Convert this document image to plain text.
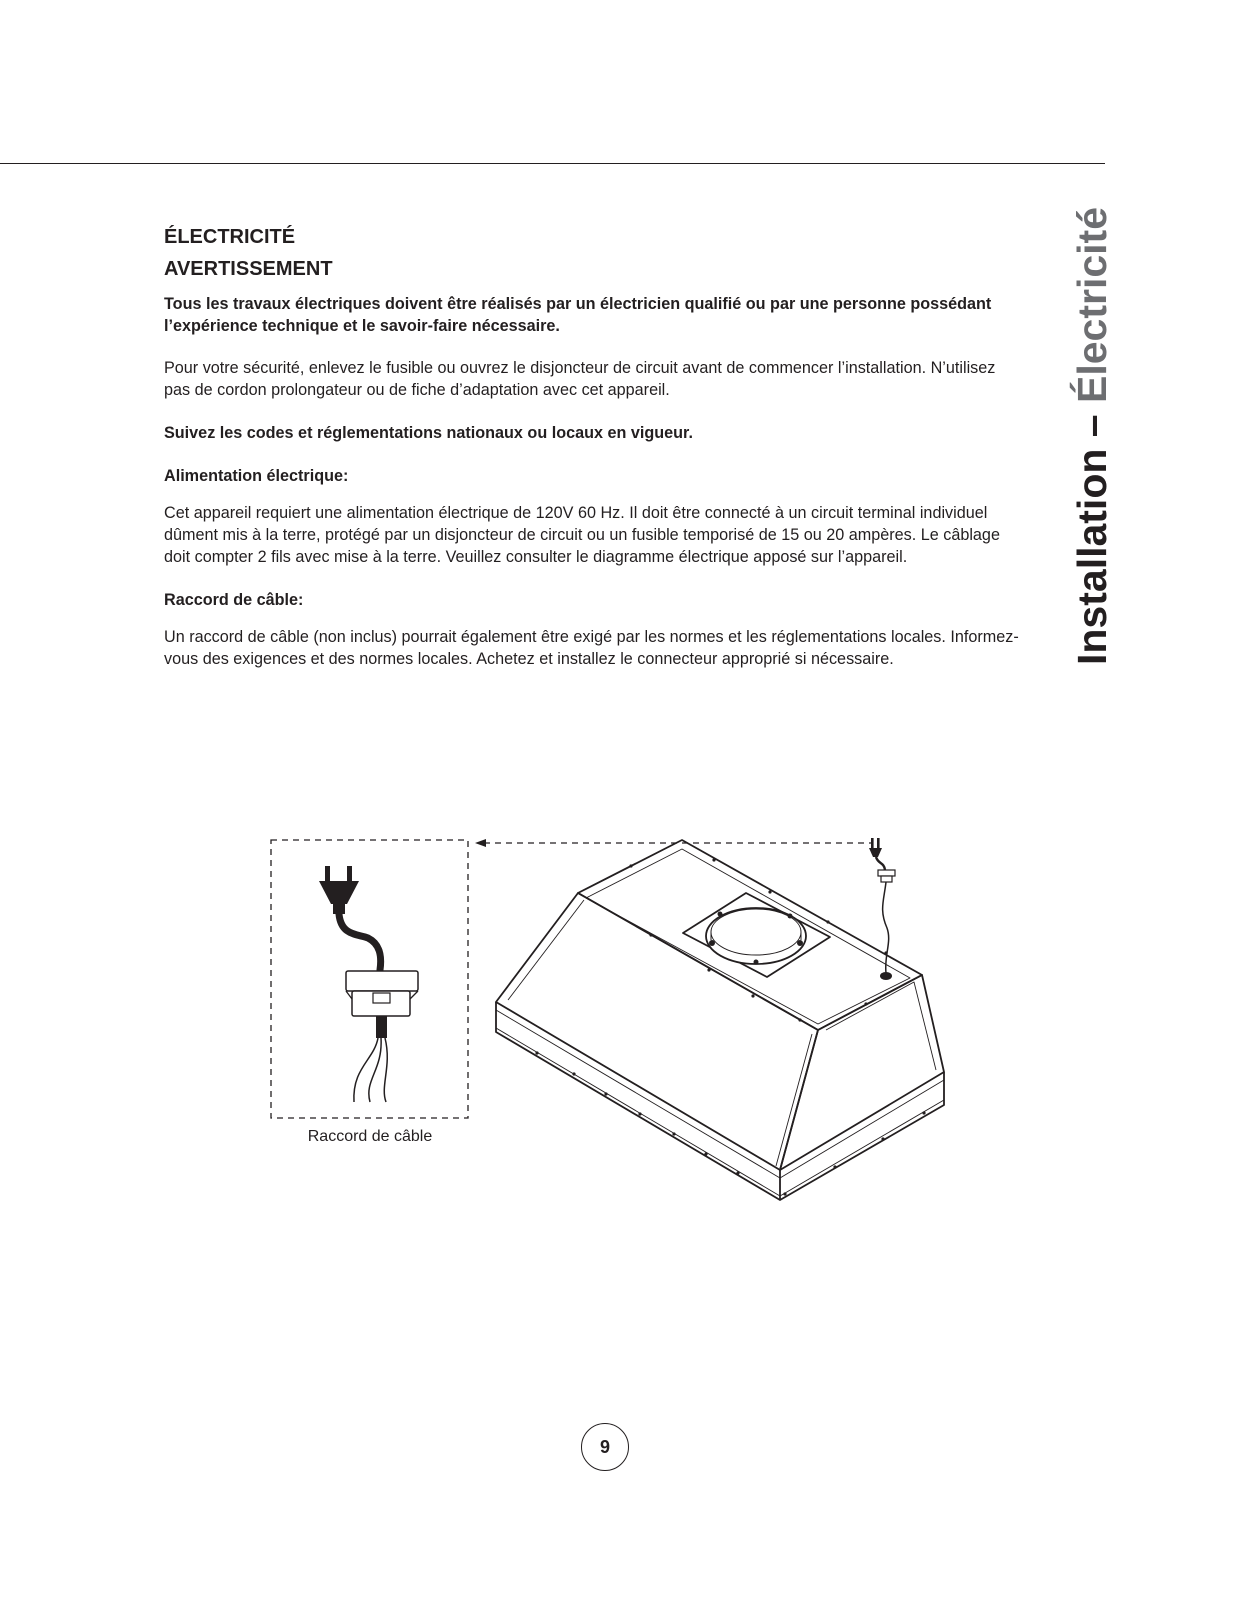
Installation – Électricité
ÉLECTRICITÉ
AVERTISSEMENT

Tous les travaux électriques doivent être réalisés par un électricien qualifié ou par une personne possédant l’expérience technique et le savoir-faire nécessaire.

Pour votre sécurité, enlevez le fusible ou ouvrez le disjoncteur de circuit avant de commencer l’installation. N’utilisez pas de cordon prolongateur ou de fiche d’adaptation avec cet appareil.

Suivez les codes et réglementations nationaux ou locaux en vigueur.

Alimentation électrique:

Cet appareil requiert une alimentation électrique de 120V 60 Hz. Il doit être connecté à un circuit terminal individuel dûment mis à la terre, protégé par un disjoncteur de circuit ou un fusible temporisé de 15 ou 20 ampères. Le câblage doit compter 2 fils avec mise à la terre. Veuillez consulter le diagramme électrique apposé sur l’appareil.

Raccord de câble:

Un raccord de câble (non inclus) pourrait également être exigé par les normes et les réglementations locales. Informez-vous des exigences et des normes locales. Achetez et installez le connecteur approprié si nécessaire.

Raccord de câble
9
